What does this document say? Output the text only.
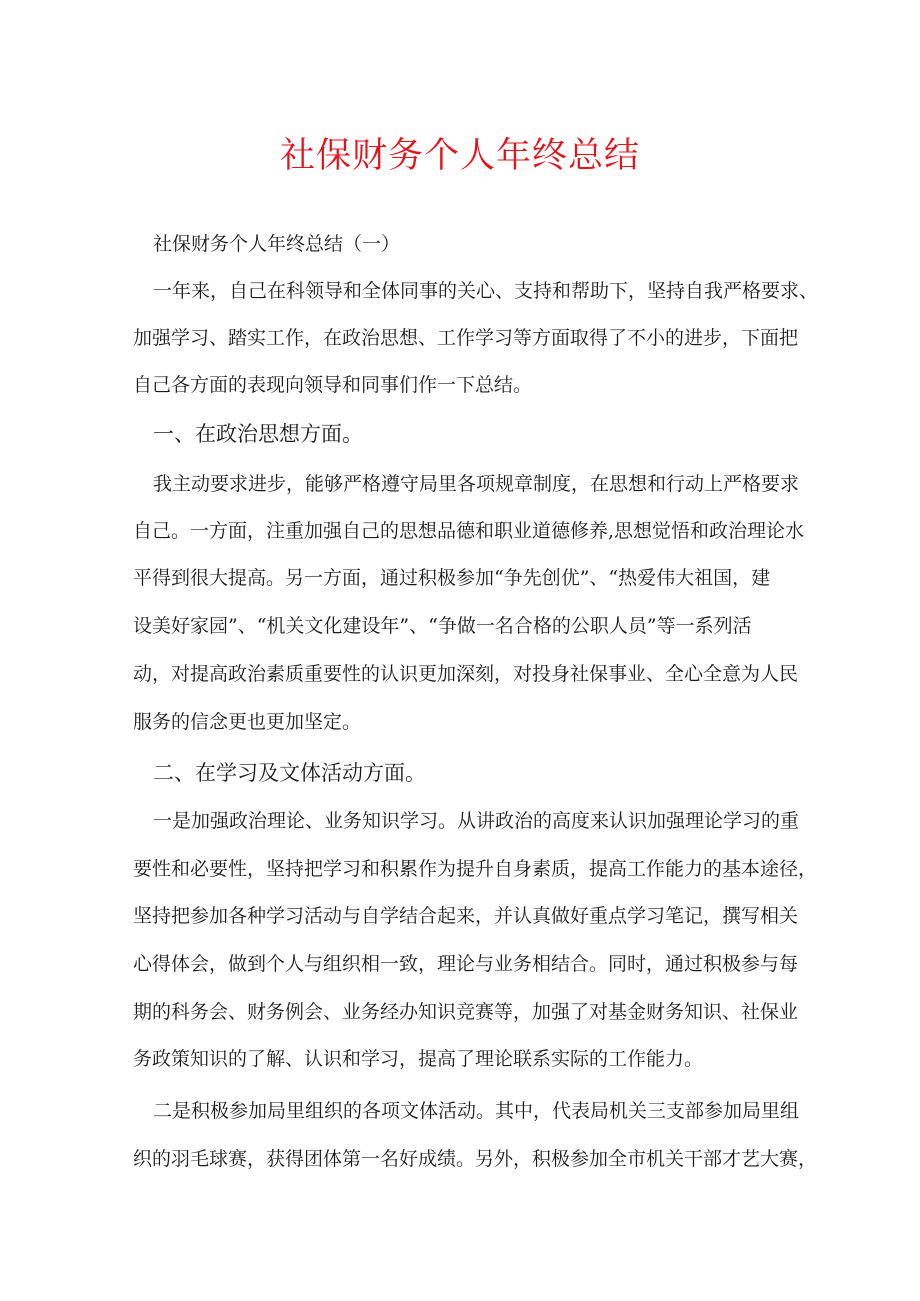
社保财务个人年终总结

社保财务个人年终总结（一）

一年来，自己在科领导和全体同事的关心、支持和帮助下，坚持自我严格要求、

加强学习、踏实工作，在政治思想、工作学习等方面取得了不小的进步，下面把

自己各方面的表现向领导和同事们作一下总结。

一、在政治思想方面。

我主动要求进步，能够严格遵守局里各项规章制度，在思想和行动上严格要求

自己。一方面，注重加强自己的思想品德和职业道德修养,思想觉悟和政治理论水

平得到很大提高。另一方面，通过积极参加“争先创优”、“热爱伟大祖国，建

设美好家园”、“机关文化建设年”、“争做一名合格的公职人员”等一系列活

动，对提高政治素质重要性的认识更加深刻，对投身社保事业、全心全意为人民

服务的信念更也更加坚定。

二、在学习及文体活动方面。

一是加强政治理论、业务知识学习。从讲政治的高度来认识加强理论学习的重

要性和必要性，坚持把学习和积累作为提升自身素质，提高工作能力的基本途径，

坚持把参加各种学习活动与自学结合起来，并认真做好重点学习笔记，撰写相关

心得体会，做到个人与组织相一致，理论与业务相结合。同时，通过积极参与每

期的科务会、财务例会、业务经办知识竞赛等，加强了对基金财务知识、社保业

务政策知识的了解、认识和学习，提高了理论联系实际的工作能力。

二是积极参加局里组织的各项文体活动。其中，代表局机关三支部参加局里组

织的羽毛球赛，获得团体第一名好成绩。另外，积极参加全市机关干部才艺大赛，
